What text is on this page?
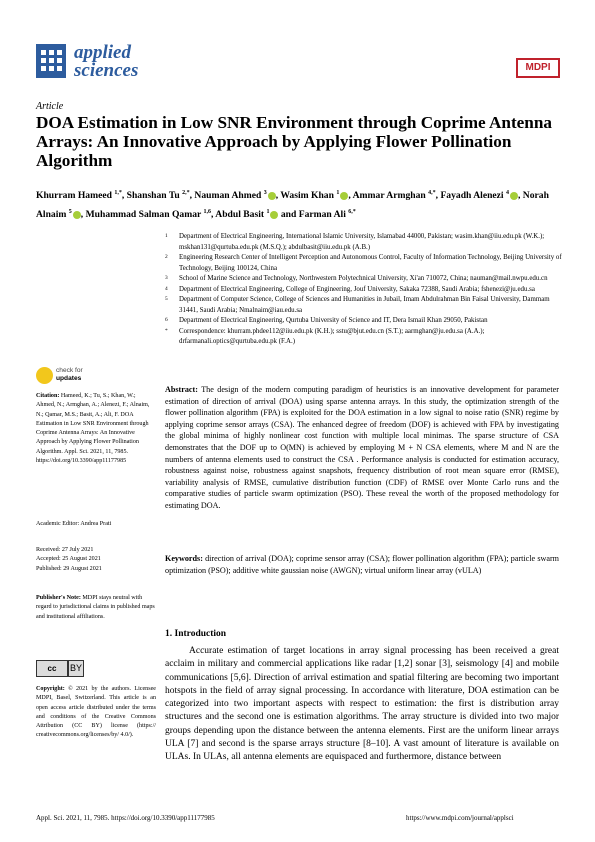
applied
sciences	MDPI
Article
DOA Estimation in Low SNR Environment through Coprime Antenna Arrays: An Innovative Approach by Applying Flower Pollination Algorithm
Khurram Hameed $^{1,*}$, Shanshan Tu $^{2,*}$, Nauman Ahmed $^3$ , Wasim Khan $^1$ , Ammar Armghan $^{4,*}$, Fayadh Alenezi $^4$ , Norah Alnaim $^5$ , Muhammad Salman Qamar $^{1,6}$, Abdul Basit $^1$ and Farman Ali $^{6,*}$
1 Department of Electrical Engineering, International Islamic University, Islamabad 44000, Pakistan; wasim.khan@iiu.edu.pk (W.K.); mskhan131@qurtuba.edu.pk (M.S.Q.); abdulbasit@iiu.edu.pk (A.B.)
2 Engineering Research Center of Intelligent Perception and Autonomous Control, Faculty of Information Technology, Beijing University of Technology, Beijing 100124, China
3 School of Marine Science and Technology, Northwestern Polytechnical University, Xi'an 710072, China; nauman@mail.nwpu.edu.cn
4 Department of Electrical Engineering, College of Engineering, Jouf University, Sakaka 72388, Saudi Arabia; fshenezi@ju.edu.sa
5 Department of Computer Science, College of Sciences and Humanities in Jubail, Imam Abdulrahman Bin Faisal University, Dammam 31441, Saudi Arabia; Nmalnaim@iau.edu.sa
6 Department of Electrical Engineering, Qurtuba University of Science and IT, Dera Ismail Khan 29050, Pakistan
* Correspondence: khurram.phdee112@iiu.edu.pk (K.H.); sstu@bjut.edu.cn (S.T.); aarmghan@ju.edu.sa (A.A.); drfarmanali.optics@qurtuba.edu.pk (F.A.)
check for
updates
Citation: Hameed, K.; Tu, S.; Khan, W.; Ahmed, N.; Armghan, A.; Alenezi, F.; Alnaim, N.; Qamar, M.S.; Basit, A.; Ali, F. DOA Estimation in Low SNR Environment through Coprime Antenna Arrays: An Innovative Approach by Applying Flower Pollination Algorithm. Appl. Sci. 2021, 11, 7985. https://doi.org/10.3390/app11177985
Academic Editor: Andrea Prati
Received: 27 July 2021
Accepted: 25 August 2021
Published: 29 August 2021
Publisher's Note: MDPI stays neutral with regard to jurisdictional claims in published maps and institutional affiliations.
cc	BY
Copyright: © 2021 by the authors. Licensee MDPI, Basel, Switzerland. This article is an open access article distributed under the terms and conditions of the Creative Commons Attribution (CC BY) license (https:// creativecommons.org/licenses/by/ 4.0/).
Abstract: The design of the modern computing paradigm of heuristics is an innovative development for parameter estimation of direction of arrival (DOA) using sparse antenna arrays. In this study, the optimization strength of the flower pollination algorithm (FPA) is exploited for the DOA estimation in a low signal to noise ratio (SNR) regime by applying coprime sensor arrays (CSA). The enhanced degree of freedom (DOF) is achieved with FPA by investigating the global minima of highly nonlinear cost function with multiple local minimas. The sparse structure of CSA demonstrates that the DOF up to O(MN) is achieved by employing M + N CSA elements, where M and N are the numbers of antenna elements used to construct the CSA . Performance analysis is conducted for estimation accuracy, robustness against noise, robustness against snapshots, frequency distribution of root mean square error (RMSE), variability analysis of RMSE, cumulative distribution function (CDF) of RMSE over Monte Carlo runs and the comparative studies of particle swarm optimization (PSO). These reveal the worth of the proposed methodology for estimating DOA.
Keywords: direction of arrival (DOA); coprime sensor array (CSA); flower pollination algorithm (FPA); particle swarm optimization (PSO); additive white gaussian noise (AWGN); virtual uniform linear array (vULA)
1. Introduction
Accurate estimation of target locations in array signal processing has been received a great acclaim in military and commercial applications like radar [1,2] sonar [3], seismology [4] and mobile communications [5,6]. Direction of arrival estimation and spatial filtering are becoming two important hotspots in the field of array signal processing. In accordance with literature, DOA estimation can be categorized into two important aspects with respect to estimation: the first is distribution array structures and the second one is estimation algorithms. The array structure is divided into two major groups depending upon the distance between the antenna elements. First are the uniform linear arrays ULA [7] and second is the sparse arrays structure [8–10]. A vast amount of literature is available on ULAs. In ULAs, all antenna elements are equispaced and furthermore, distance between
Appl. Sci. 2021, 11, 7985. https://doi.org/10.3390/app11177985	https://www.mdpi.com/journal/applsci
